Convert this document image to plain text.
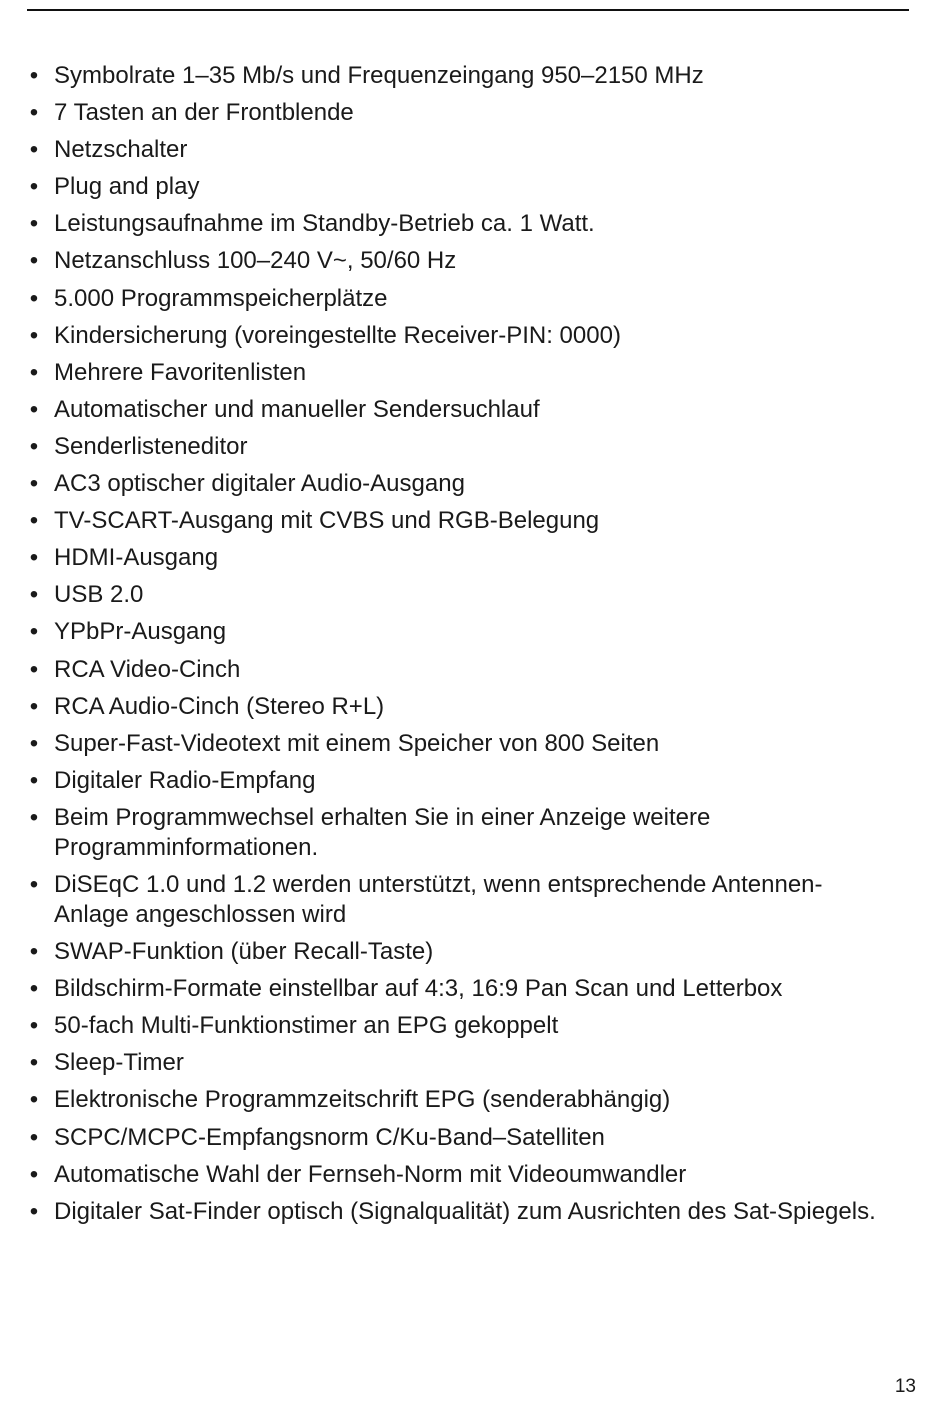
• Symbolrate 1–35 Mb/s und Frequenzeingang 950–2150 MHz
• 7 Tasten an der Frontblende
• Netzschalter
• Plug and play
• Leistungsaufnahme im Standby-Betrieb ca. 1 Watt.
• Netzanschluss 100–240 V~, 50/60 Hz
• 5.000 Programmspeicherplätze
• Kindersicherung (voreingestellte Receiver-PIN: 0000)
• Mehrere Favoritenlisten
• Automatischer und manueller Sendersuchlauf
• Senderlisteneditor
• AC3 optischer digitaler Audio-Ausgang
• TV-SCART-Ausgang mit CVBS und RGB-Belegung
• HDMI-Ausgang
• USB 2.0
• YPbPr-Ausgang
• RCA Video-Cinch
• RCA Audio-Cinch (Stereo R+L)
• Super-Fast-Videotext mit einem Speicher von 800 Seiten
• Digitaler Radio-Empfang
• Beim Programmwechsel erhalten Sie in einer Anzeige weitere Programminformationen.
• DiSEqC 1.0 und 1.2 werden unterstützt, wenn entsprechende Antennen-Anlage angeschlossen wird
• SWAP-Funktion (über Recall-Taste)
• Bildschirm-Formate einstellbar auf 4:3, 16:9 Pan Scan und Letterbox
• 50-fach Multi-Funktionstimer an EPG gekoppelt
• Sleep-Timer
• Elektronische Programmzeitschrift EPG (senderabhängig)
• SCPC/MCPC-Empfangsnorm C/Ku-Band–Satelliten
• Automatische Wahl der Fernseh-Norm mit Videoumwandler
• Digitaler Sat-Finder optisch (Signalqualität) zum Ausrichten des Sat-Spiegels.
13
